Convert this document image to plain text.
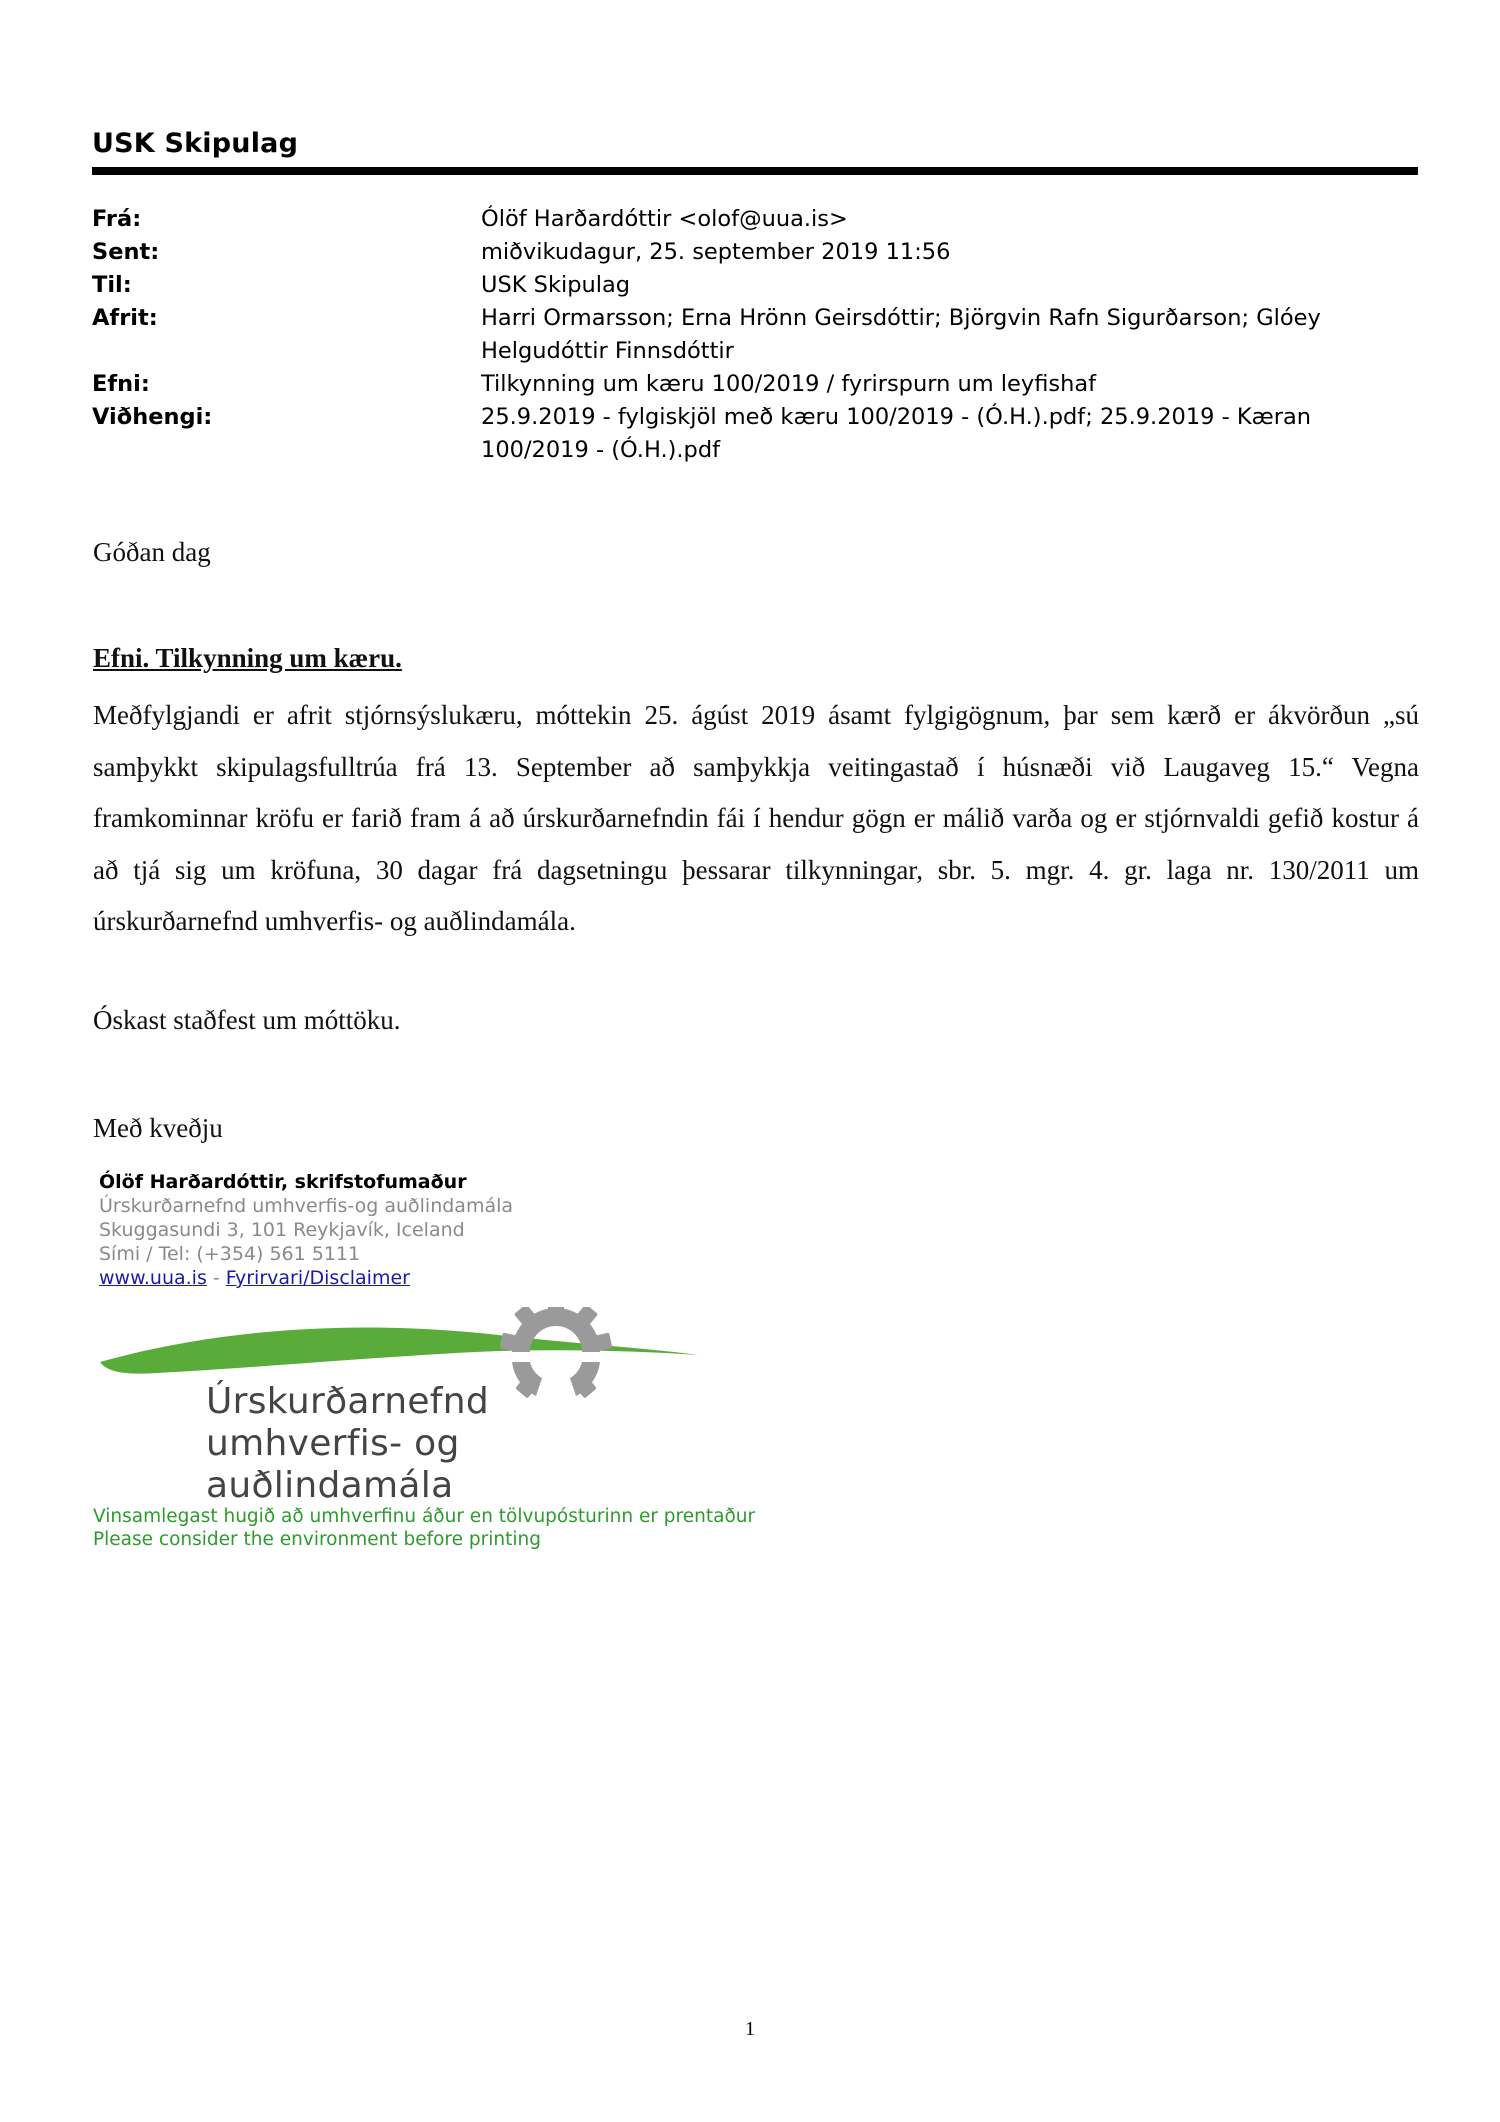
USK Skipulag
Frá:	Ólöf Harðardóttir <olof@uua.is>
Sent:	miðvikudagur, 25. september 2019 11:56
Til:	USK Skipulag
Afrit:	Harri Ormarsson; Erna Hrönn Geirsdóttir; Björgvin Rafn Sigurðarson; Glóey Helgudóttir Finnsdóttir
Efni:	Tilkynning um kæru 100/2019 / fyrirspurn um leyfishaf
Viðhengi:	25.9.2019 - fylgiskjöl með kæru 100/2019 - (Ó.H.).pdf; 25.9.2019 - Kæran 100/2019 - (Ó.H.).pdf
Góðan dag
Efni. Tilkynning um kæru.
Meðfylgjandi er afrit stjórnsýslukæru, móttekin 25. ágúst 2019 ásamt fylgigögnum, þar sem kærð er ákvörðun „sú samþykkt skipulagsfulltrúa frá 13. September að samþykkja veitingastað í húsnæði við Laugaveg 15.“ Vegna framkominnar kröfu er farið fram á að úrskurðarnefndin fái í hendur gögn er málið varða og er stjórnvaldi gefið kostur á að tjá sig um kröfuna, 30 dagar frá dagsetningu þessarar tilkynningar, sbr. 5. mgr. 4. gr. laga nr. 130/2011 um úrskurðarnefnd umhverfis- og auðlindamála.
Óskast staðfest um móttöku.
Með kveðju
Ólöf Harðardóttir, skrifstofumaður
Úrskurðarnefnd umhverfis-og auðlindamála
Skuggasundi 3, 101 Reykjavík, Iceland
Sími / Tel: (+354) 561 5111
www.uua.is - Fyrirvari/Disclaimer
Úrskurðarnefnd
umhverfis- og auðlindamála
Vinsamlegast hugið að umhverfinu áður en tölvupósturinn er prentaður
Please consider the environment before printing
1
